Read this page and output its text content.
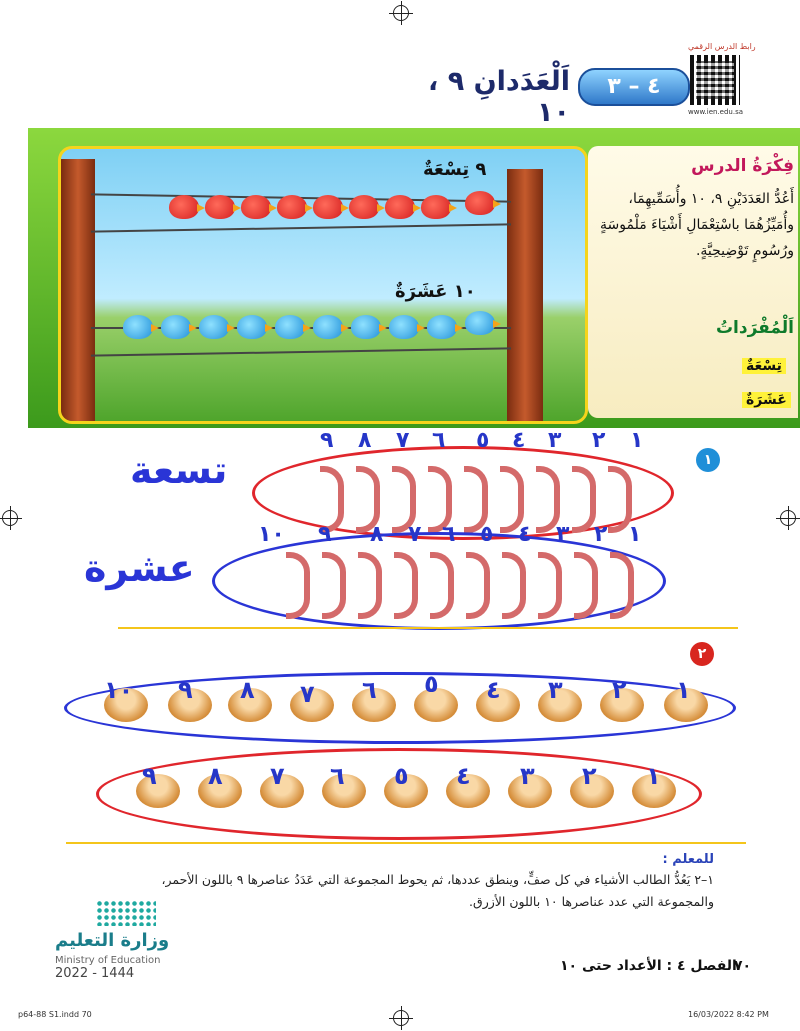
رابط الدرس الرقمي
www.ien.edu.sa
٤ – ٣
اَلْعَدَدانِ ٩ ، ١٠
٩ تِسْعَةٌ
١٠ عَشَرَةٌ
فِكْرَةُ الدرس
أَعُدُّ العَدَدَيْنِ ٩، ١٠ وأُسَمِّيهِمَا، وأُمَيِّزُهُمَا باسْتِعْمَالِ أَشْيَاءَ مَلْمُوسَةٍ ورُسُومٍ تَوْضِيحِيَّةٍ.
اَلْمُفْرَداتُ
تِسْعَةٌ
عَشَرَةٌ
١
تسعة
١
٢
٣
٤
٥
٦
٧
٨
٩
عشرة
١
٢
٣
٤
٥
٦
٧
٨
٩
١٠
٢
١
٢
٣
٤
٥
٦
٧
٨
٩
١٠
١
٢
٣
٤
٥
٦
٧
٨
٩
للمعلم :
١–٢ يَعُدُّ الطالب الأشياء في كل صفٍّ، وينطق عددها، ثم يحوط المجموعة التي عَدَدُ عناصرها ٩ باللون الأحمر،
والمجموعة التي عدد عناصرها ١٠ باللون الأزرق.
وزارة التعليم
Ministry of Education
2022 - 1444	٧٠
الفصل ٤ : الأعداد حتى ١٠
p64-88 S1.indd 70	16/03/2022 8:42 PM
